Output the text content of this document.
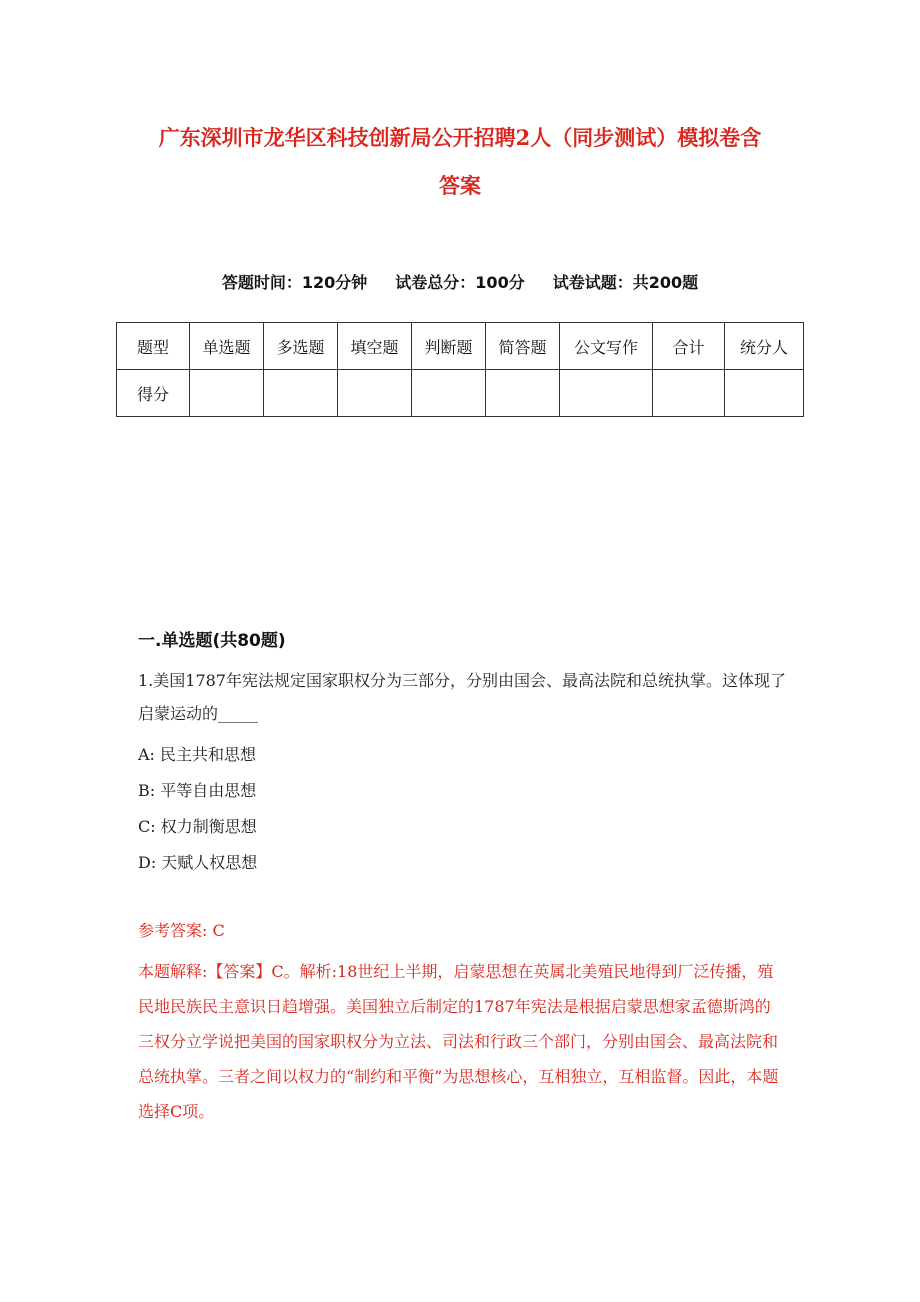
广东深圳市龙华区科技创新局公开招聘2人（同步测试）模拟卷含
答案
答题时间：120分钟 试卷总分：100分 试卷试题：共200题
题型	单选题	多选题	填空题	判断题	简答题	公文写作	合计	统分人
得分								
一.单选题(共80题)
1.美国1787年宪法规定国家职权分为三部分，分别由国会、最高法院和总统执掌。这体现了启蒙运动的_____
A: 民主共和思想
B: 平等自由思想
C: 权力制衡思想
D: 天赋人权思想
参考答案: C
本题解释:【答案】C。解析:18世纪上半期，启蒙思想在英属北美殖民地得到厂泛传播，殖民地民族民主意识日趋增强。美国独立后制定的1787年宪法是根据启蒙思想家孟德斯鸿的三权分立学说把美国的国家职权分为立法、司法和行政三个部门，分别由国会、最高法院和总统执掌。三者之间以权力的“制约和平衡”为思想核心，互相独立，互相监督。因此，本题选择C项。
